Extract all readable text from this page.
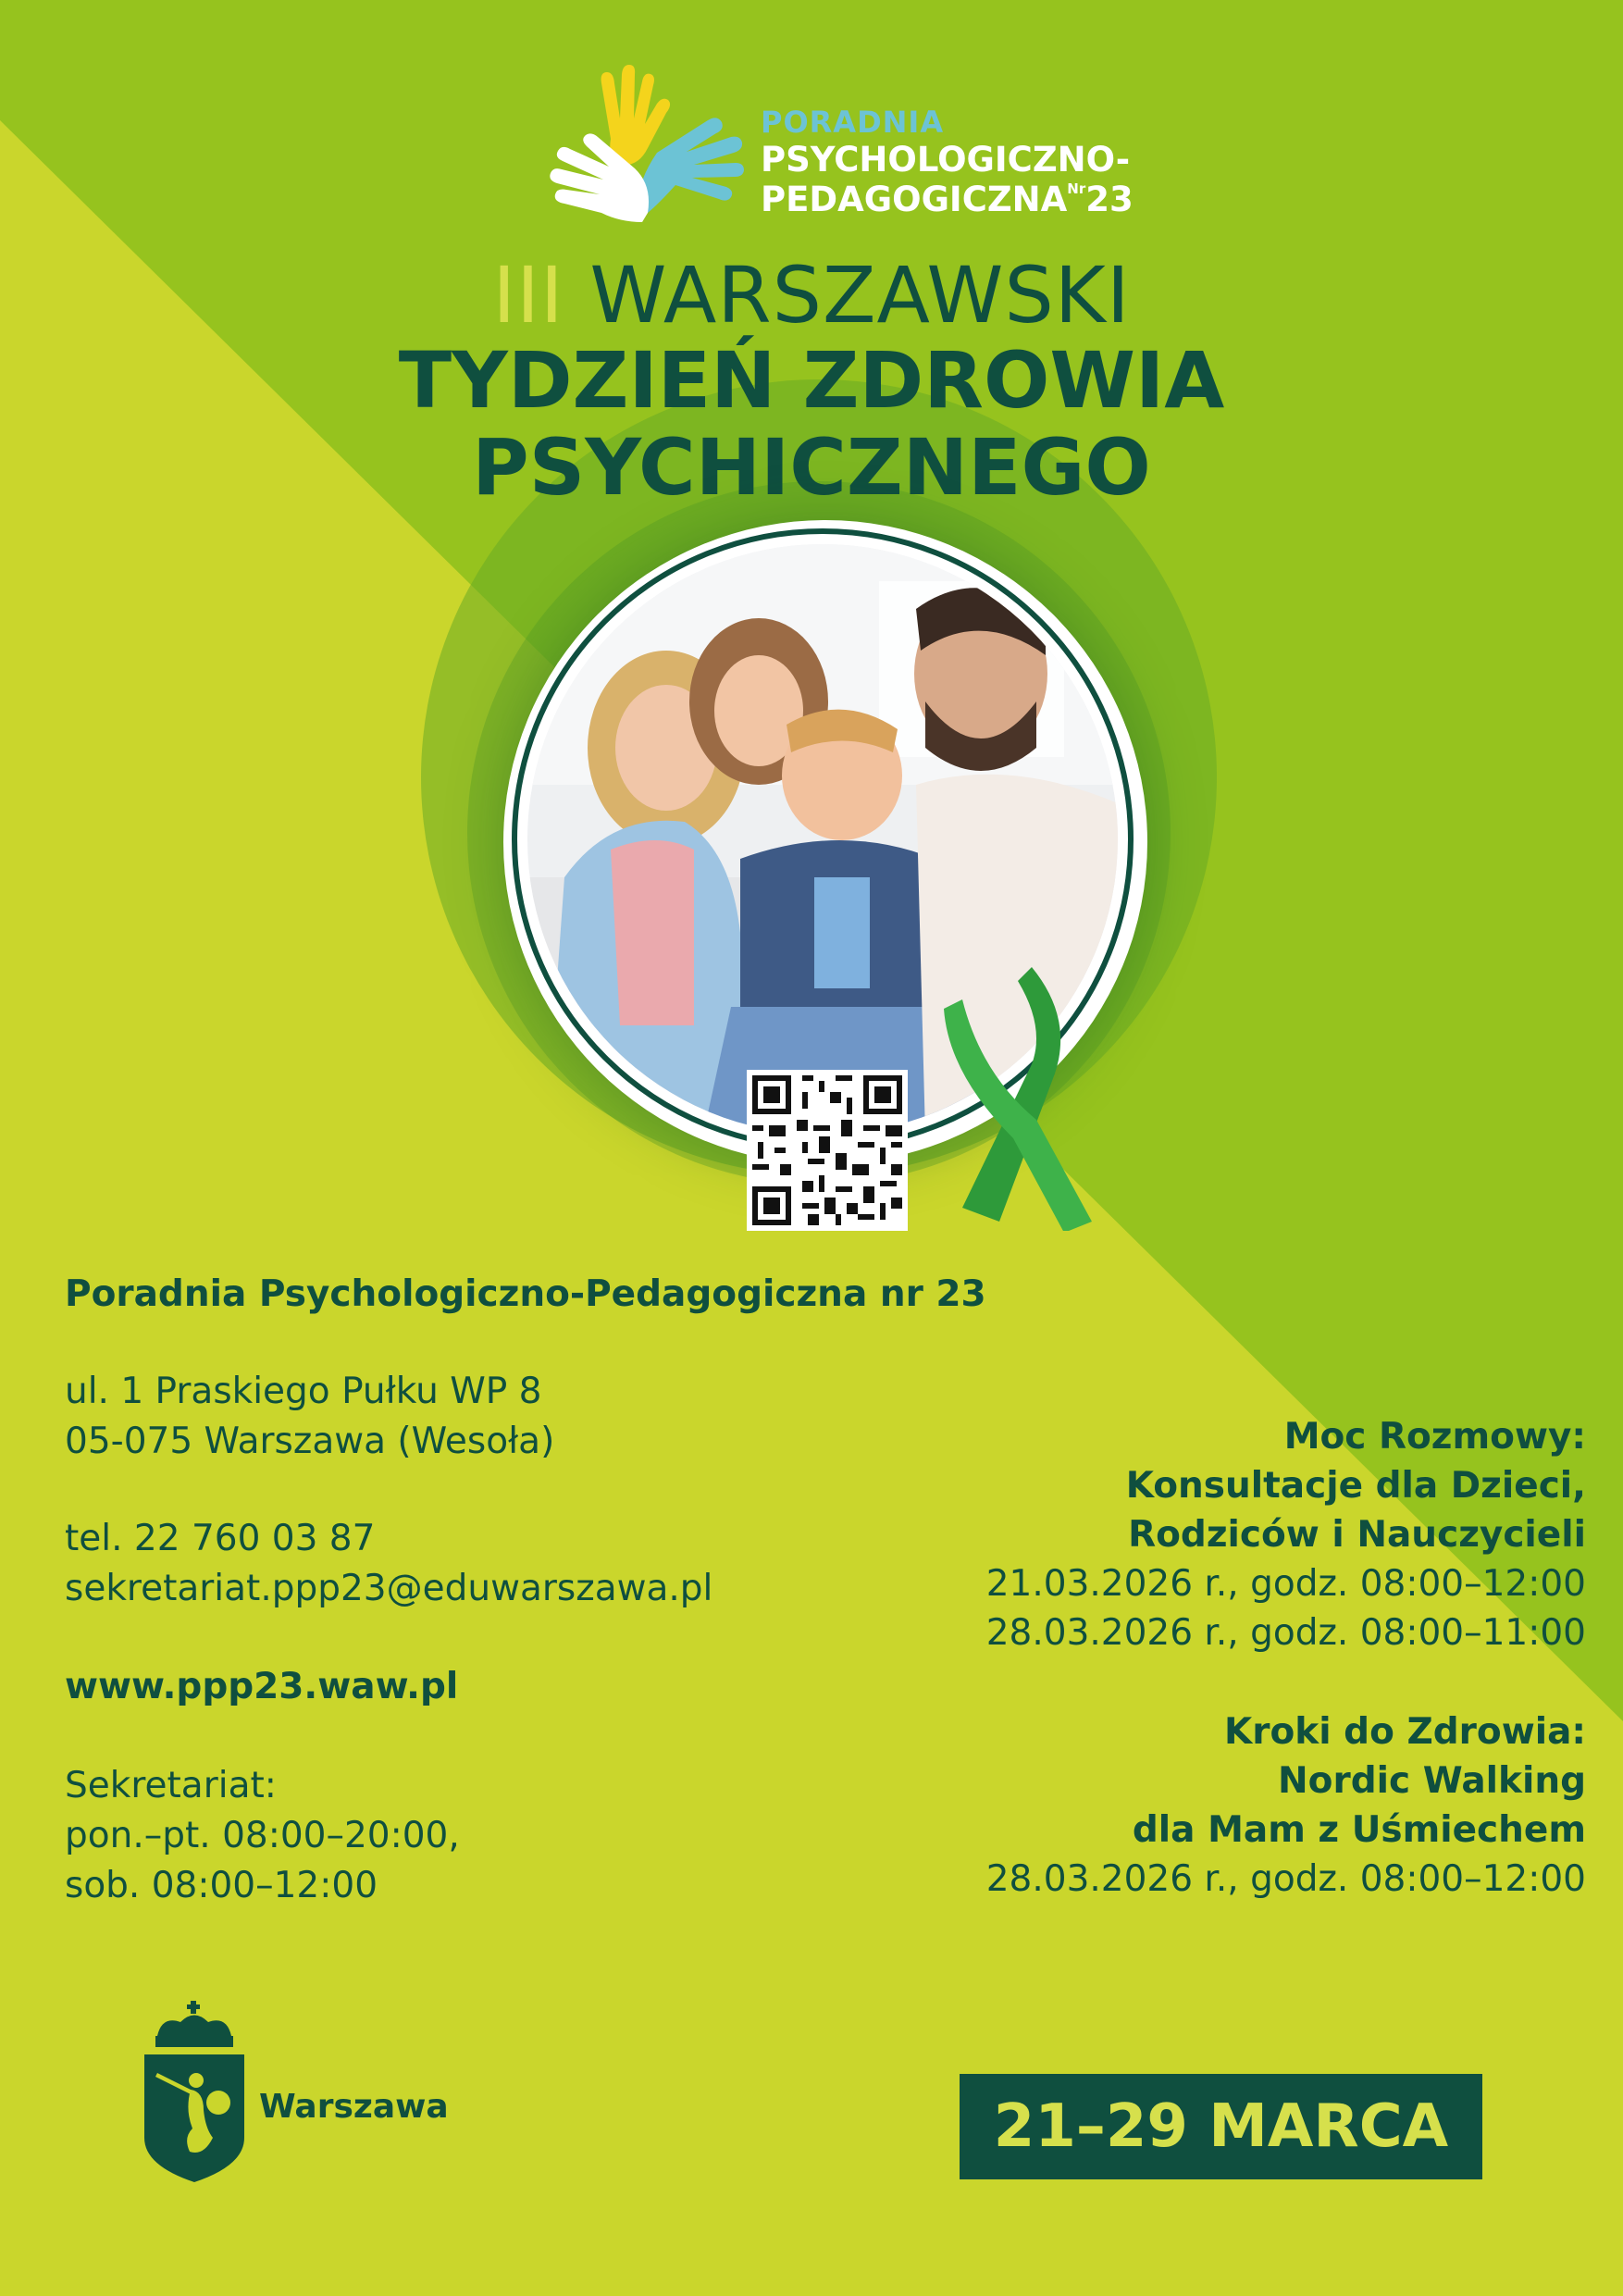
PORADNIA
PSYCHOLOGICZNO-
$PEDAGOGICZNA^{Nr}23$
III WARSZAWSKI
TYDZIEŃ ZDROWIA
PSYCHICZNEGO
Poradnia Psychologiczno-Pedagogiczna nr 23
ul. 1 Praskiego Pułku WP 8
05-075 Warszawa (Wesoła)
tel. 22 760 03 87
sekretariat.ppp23@eduwarszawa.pl
www.ppp23.waw.pl
Sekretariat:
pon.–pt. 08:00–20:00,
sob. 08:00–12:00
Moc Rozmowy:
Konsultacje dla Dzieci,
Rodziców i Nauczycieli
21.03.2026 r., godz. 08:00–12:00
28.03.2026 r., godz. 08:00–11:00
Kroki do Zdrowia:
Nordic Walking
dla Mam z Uśmiechem
28.03.2026 r., godz. 08:00–12:00
Warszawa	21–29 MARCA
